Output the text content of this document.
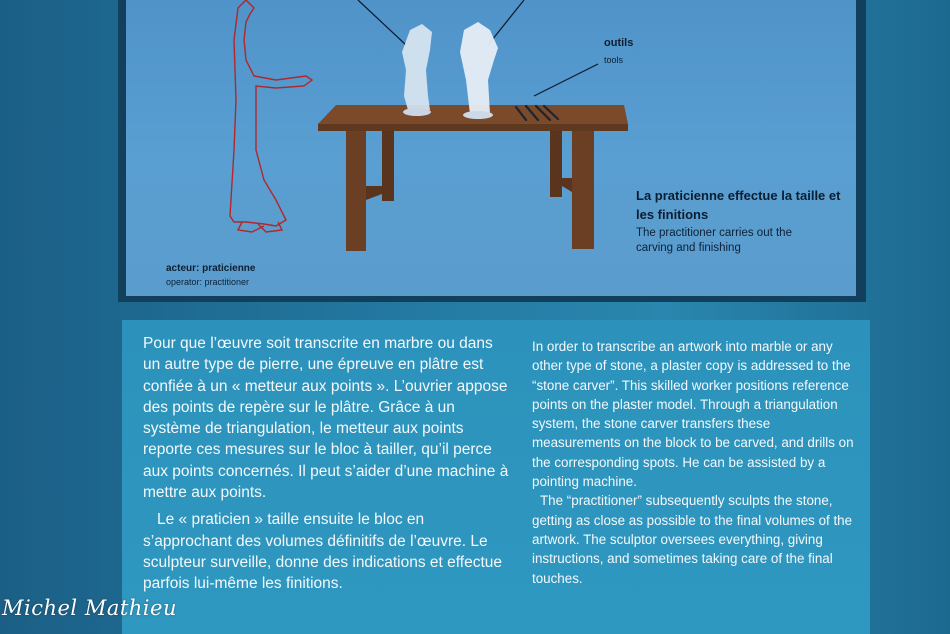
outils

tools

La praticienne effectue la taille et les finitions

The practitioner carries out the carving and finishing

acteur: praticienne

operator: practitioner

Pour que l’œuvre soit transcrite en marbre ou dans un autre type de pierre, une épreuve en plâtre est confiée à un « metteur aux points ». L’ouvrier appose des points de repère sur le plâtre. Grâce à un système de triangulation, le metteur aux points reporte ces mesures sur le bloc à tailler, qu’il perce aux points concernés. Il peut s’aider d’une machine à mettre aux points.

Le « praticien » taille ensuite le bloc en s’approchant des volumes définitifs de l’œuvre. Le sculpteur surveille, donne des indications et effectue parfois lui-même les finitions.

In order to transcribe an artwork into marble or any other type of stone, a plaster copy is addressed to the “stone carver”. This skilled worker positions reference points on the plaster model. Through a triangulation system, the stone carver transfers these measurements on the block to be carved, and drills on the corresponding spots. He can be assisted by a pointing machine.

The “practitioner” subsequently sculpts the stone, getting as close as possible to the final volumes of the artwork. The sculptor oversees everything, giving instructions, and sometimes taking care of the final touches.

Michel Mathieu
